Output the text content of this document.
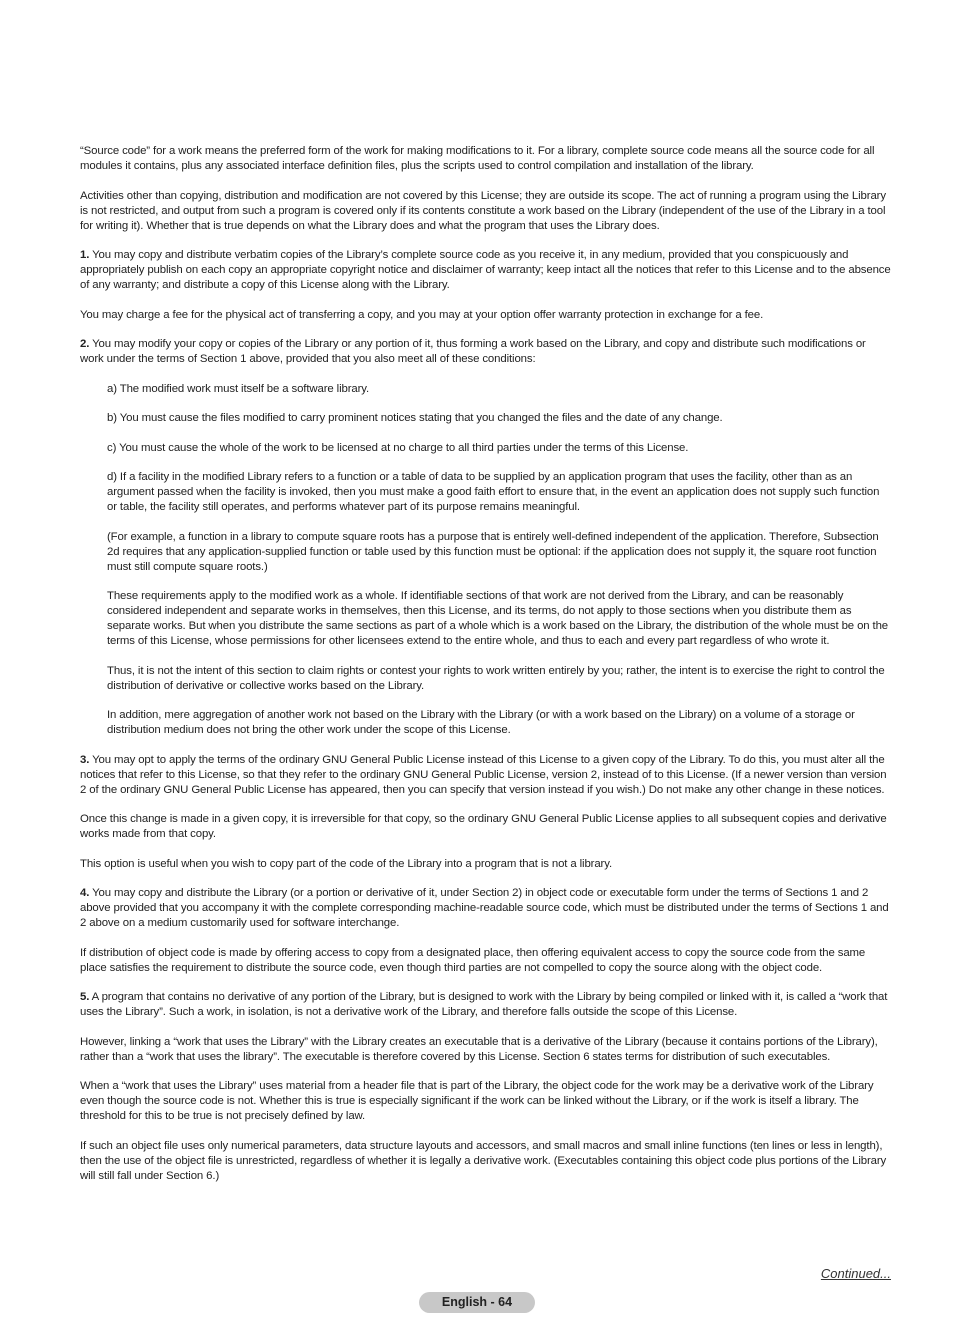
“Source code” for a work means the preferred form of the work for making modifications to it. For a library, complete source code means all the source code for all modules it contains, plus any associated interface definition files, plus the scripts used to control compilation and installation of the library.

Activities other than copying, distribution and modification are not covered by this License; they are outside its scope. The act of running a program using the Library is not restricted, and output from such a program is covered only if its contents constitute a work based on the Library (independent of the use of the Library in a tool for writing it). Whether that is true depends on what the Library does and what the program that uses the Library does.

1. You may copy and distribute verbatim copies of the Library’s complete source code as you receive it, in any medium, provided that you conspicuously and appropriately publish on each copy an appropriate copyright notice and disclaimer of warranty; keep intact all the notices that refer to this License and to the absence of any warranty; and distribute a copy of this License along with the Library.

You may charge a fee for the physical act of transferring a copy, and you may at your option offer warranty protection in exchange for a fee.

2. You may modify your copy or copies of the Library or any portion of it, thus forming a work based on the Library, and copy and distribute such modifications or work under the terms of Section 1 above, provided that you also meet all of these conditions:

a) The modified work must itself be a software library.

b) You must cause the files modified to carry prominent notices stating that you changed the files and the date of any change.

c) You must cause the whole of the work to be licensed at no charge to all third parties under the terms of this License.

d) If a facility in the modified Library refers to a function or a table of data to be supplied by an application program that uses the facility, other than as an argument passed when the facility is invoked, then you must make a good faith effort to ensure that, in the event an application does not supply such function or table, the facility still operates, and performs whatever part of its purpose remains meaningful.

(For example, a function in a library to compute square roots has a purpose that is entirely well-defined independent of the application. Therefore, Subsection 2d requires that any application-supplied function or table used by this function must be optional: if the application does not supply it, the square root function must still compute square roots.)

These requirements apply to the modified work as a whole. If identifiable sections of that work are not derived from the Library, and can be reasonably considered independent and separate works in themselves, then this License, and its terms, do not apply to those sections when you distribute them as separate works. But when you distribute the same sections as part of a whole which is a work based on the Library, the distribution of the whole must be on the terms of this License, whose permissions for other licensees extend to the entire whole, and thus to each and every part regardless of who wrote it.

Thus, it is not the intent of this section to claim rights or contest your rights to work written entirely by you; rather, the intent is to exercise the right to control the distribution of derivative or collective works based on the Library.

In addition, mere aggregation of another work not based on the Library with the Library (or with a work based on the Library) on a volume of a storage or distribution medium does not bring the other work under the scope of this License.

3. You may opt to apply the terms of the ordinary GNU General Public License instead of this License to a given copy of the Library. To do this, you must alter all the notices that refer to this License, so that they refer to the ordinary GNU General Public License, version 2, instead of to this License. (If a newer version than version 2 of the ordinary GNU General Public License has appeared, then you can specify that version instead if you wish.) Do not make any other change in these notices.

Once this change is made in a given copy, it is irreversible for that copy, so the ordinary GNU General Public License applies to all subsequent copies and derivative works made from that copy.

This option is useful when you wish to copy part of the code of the Library into a program that is not a library.

4. You may copy and distribute the Library (or a portion or derivative of it, under Section 2) in object code or executable form under the terms of Sections 1 and 2 above provided that you accompany it with the complete corresponding machine-readable source code, which must be distributed under the terms of Sections 1 and 2 above on a medium customarily used for software interchange.

If distribution of object code is made by offering access to copy from a designated place, then offering equivalent access to copy the source code from the same place satisfies the requirement to distribute the source code, even though third parties are not compelled to copy the source along with the object code.

5. A program that contains no derivative of any portion of the Library, but is designed to work with the Library by being compiled or linked with it, is called a “work that uses the Library”. Such a work, in isolation, is not a derivative work of the Library, and therefore falls outside the scope of this License.

However, linking a “work that uses the Library” with the Library creates an executable that is a derivative of the Library (because it contains portions of the Library), rather than a “work that uses the library”. The executable is therefore covered by this License. Section 6 states terms for distribution of such executables.

When a “work that uses the Library” uses material from a header file that is part of the Library, the object code for the work may be a derivative work of the Library even though the source code is not. Whether this is true is especially significant if the work can be linked without the Library, or if the work is itself a library. The threshold for this to be true is not precisely defined by law.

If such an object file uses only numerical parameters, data structure layouts and accessors, and small macros and small inline functions (ten lines or less in length), then the use of the object file is unrestricted, regardless of whether it is legally a derivative work. (Executables containing this object code plus portions of the Library will still fall under Section 6.)

Continued...
English - 64
